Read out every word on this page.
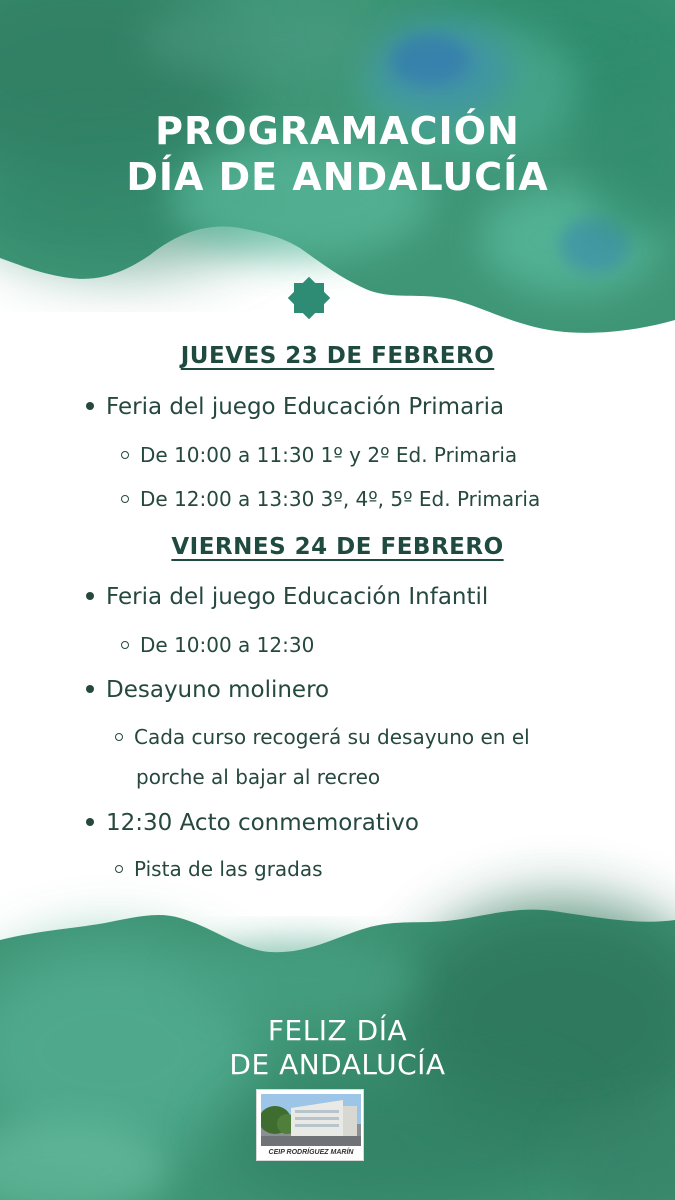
PROGRAMACIÓN
DÍA DE ANDALUCÍA
JUEVES 23 DE FEBRERO
Feria del juego Educación Primaria
De 10:00 a 11:30 1º y 2º Ed. Primaria
De 12:00 a 13:30 3º, 4º, 5º Ed. Primaria
VIERNES 24 DE FEBRERO
Feria del juego Educación Infantil
De 10:00 a 12:30
Desayuno molinero
Cada curso recogerá su desayuno en el
porche al bajar al recreo
12:30 Acto conmemorativo
Pista de las gradas
FELIZ DÍA
DE ANDALUCÍA
CEIP RODRÍGUEZ MARÍN
